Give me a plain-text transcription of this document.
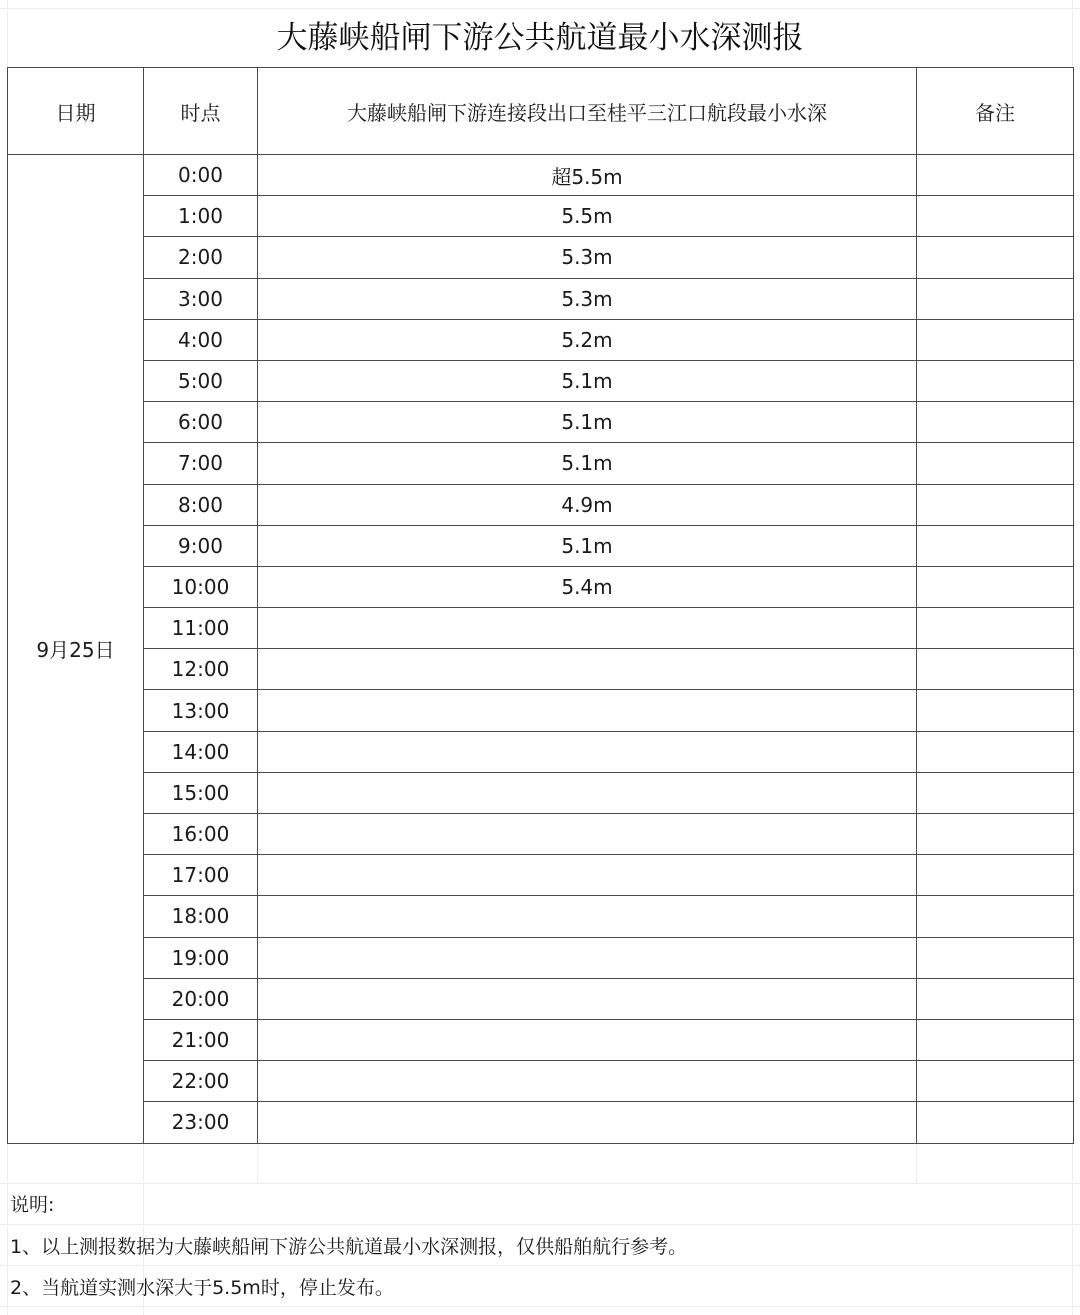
大藤峡船闸下游公共航道最小水深测报
日期	时点	大藤峡船闸下游连接段出口至桂平三江口航段最小水深	备注
9月25日	0:00	超5.5m	
	1:00	5.5m	
	2:00	5.3m	
	3:00	5.3m	
	4:00	5.2m	
	5:00	5.1m	
	6:00	5.1m	
	7:00	5.1m	
	8:00	4.9m	
	9:00	5.1m	
	10:00	5.4m	
	11:00		
	12:00		
	13:00		
	14:00		
	15:00		
	16:00		
	17:00		
	18:00		
	19:00		
	20:00		
	21:00		
	22:00		
	23:00		
说明:
1、以上测报数据为大藤峡船闸下游公共航道最小水深测报，仅供船舶航行参考。
2、当航道实测水深大于5.5m时，停止发布。
